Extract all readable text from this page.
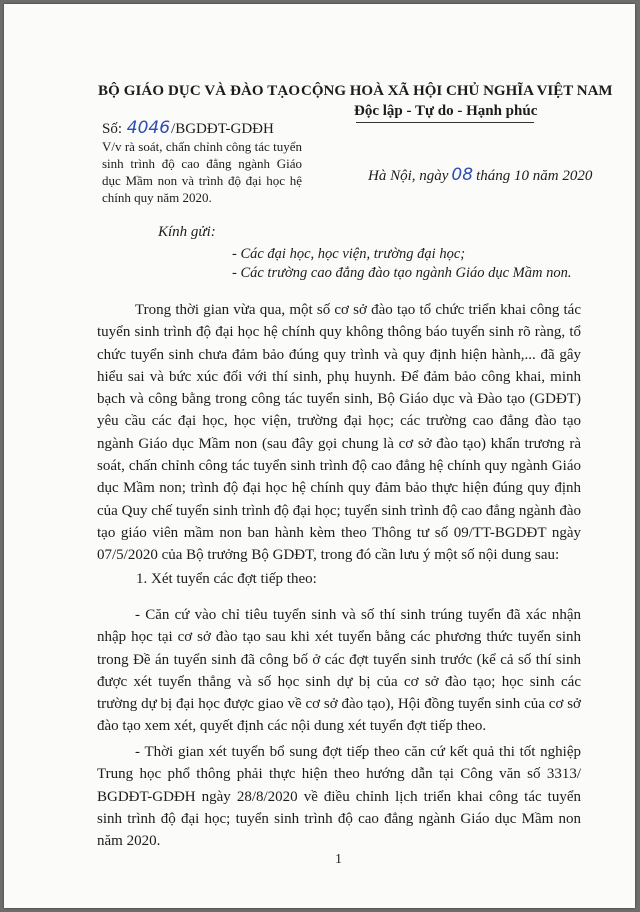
BỘ GIÁO DỤC VÀ ĐÀO TẠO CỘNG HOÀ XÃ HỘI CHỦ NGHĨA VIỆT NAM
Độc lập - Tự do - Hạnh phúc
Số: 4046/BGDĐT-GDĐH
V/v rà soát, chấn chỉnh công tác tuyển sinh trình độ cao đẳng ngành Giáo dục Mầm non và trình độ đại học hệ chính quy năm 2020.
Hà Nội, ngày 08 tháng 10 năm 2020
Kính gửi:
- Các đại học, học viện, trường đại học;
- Các trường cao đẳng đào tạo ngành Giáo dục Mầm non.
Trong thời gian vừa qua, một số cơ sở đào tạo tổ chức triển khai công tác tuyển sinh trình độ đại học hệ chính quy không thông báo tuyển sinh rõ ràng, tổ chức tuyển sinh chưa đảm bảo đúng quy trình và quy định hiện hành,... đã gây hiểu sai và bức xúc đối với thí sinh, phụ huynh. Để đảm bảo công khai, minh bạch và công bằng trong công tác tuyển sinh, Bộ Giáo dục và Đào tạo (GDĐT) yêu cầu các đại học, học viện, trường đại học; các trường cao đẳng đào tạo ngành Giáo dục Mầm non (sau đây gọi chung là cơ sở đào tạo) khẩn trương rà soát, chấn chỉnh công tác tuyển sinh trình độ cao đẳng hệ chính quy ngành Giáo dục Mầm non; trình độ đại học hệ chính quy đảm bảo thực hiện đúng quy định của Quy chế tuyển sinh trình độ đại học; tuyển sinh trình độ cao đẳng ngành đào tạo giáo viên mầm non ban hành kèm theo Thông tư số 09/TT-BGDĐT ngày 07/5/2020 của Bộ trưởng Bộ GDĐT, trong đó cần lưu ý một số nội dung sau:
1. Xét tuyển các đợt tiếp theo:
- Căn cứ vào chỉ tiêu tuyển sinh và số thí sinh trúng tuyển đã xác nhận nhập học tại cơ sở đào tạo sau khi xét tuyển bằng các phương thức tuyển sinh trong Đề án tuyển sinh đã công bố ở các đợt tuyển sinh trước (kể cả số thí sinh được xét tuyển thẳng và số học sinh dự bị của cơ sở đào tạo; học sinh các trường dự bị đại học được giao về cơ sở đào tạo), Hội đồng tuyển sinh của cơ sở đào tạo xem xét, quyết định các nội dung xét tuyển đợt tiếp theo.
- Thời gian xét tuyển bổ sung đợt tiếp theo căn cứ kết quả thi tốt nghiệp Trung học phổ thông phải thực hiện theo hướng dẫn tại Công văn số 3313/ BGDĐT-GDĐH ngày 28/8/2020 về điều chỉnh lịch triển khai công tác tuyển sinh trình độ đại học; tuyển sinh trình độ cao đẳng ngành Giáo dục Mầm non năm 2020.
1
